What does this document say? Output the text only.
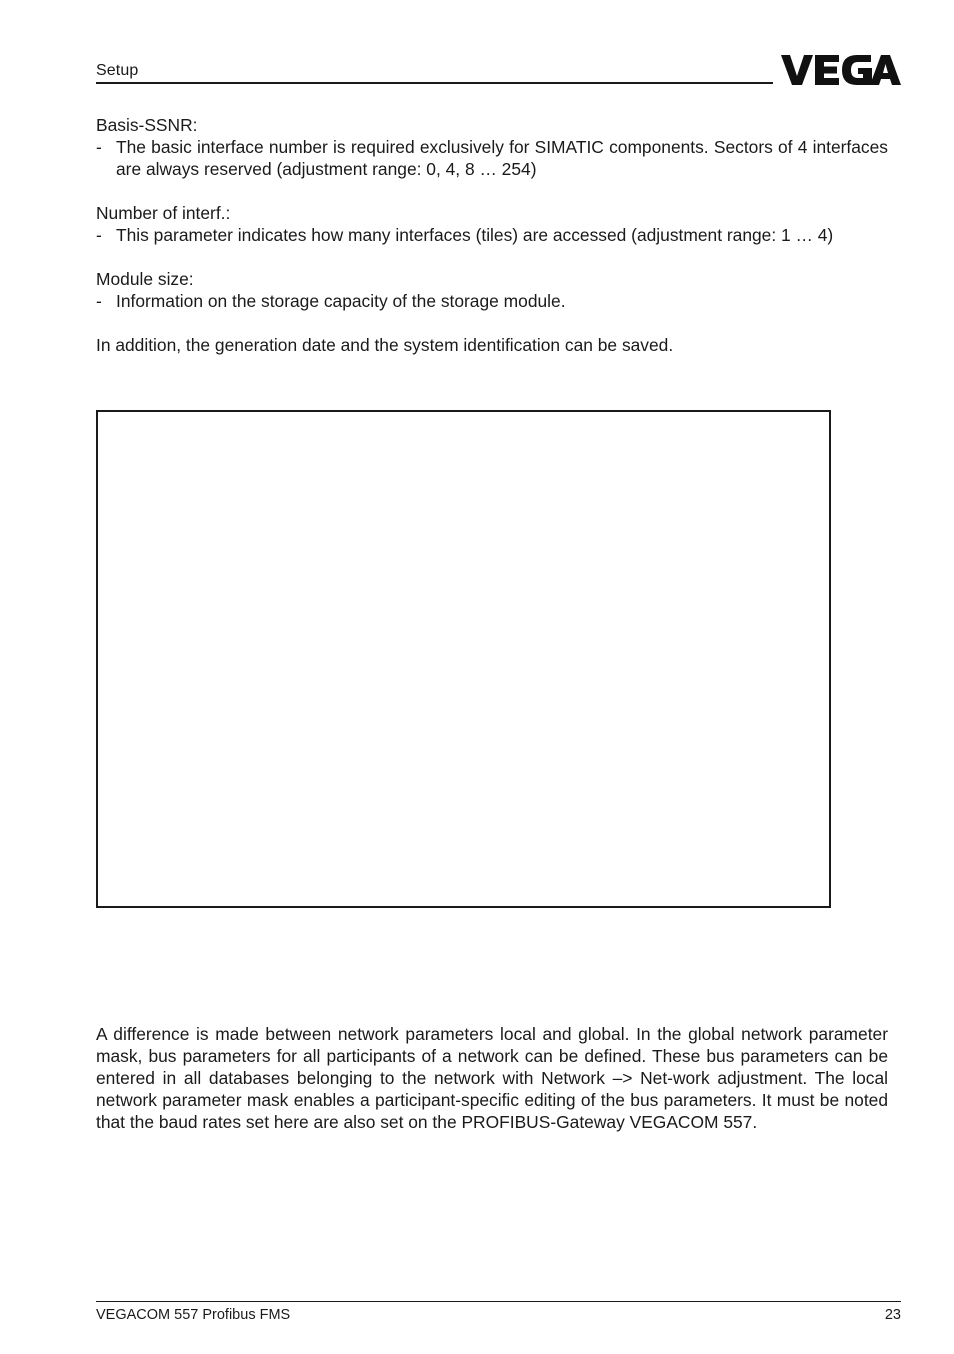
Setup

Basis-SSNR:

- The basic interface number is required exclusively for SIMATIC components. Sectors of 4 interfaces are always reserved (adjustment range: 0, 4, 8 … 254)

Number of interf.:

- This parameter indicates how many interfaces (tiles) are accessed (adjustment range: 1 … 4)

Module size:

- Information on the storage capacity of the storage module.

In addition, the generation date and the system identification can be saved.

A difference is made between network parameters local and global. In the global network parameter mask, bus parameters for all participants of a network can be defined. These bus parameters can be entered in all databases belonging to the network with Network –> Net-work adjustment. The local network parameter mask enables a participant-specific editing of the bus parameters. It must be noted that the baud rates set here are also set on the PROFIBUS-Gateway VEGACOM 557.

VEGACOM 557 Profibus FMS	23
